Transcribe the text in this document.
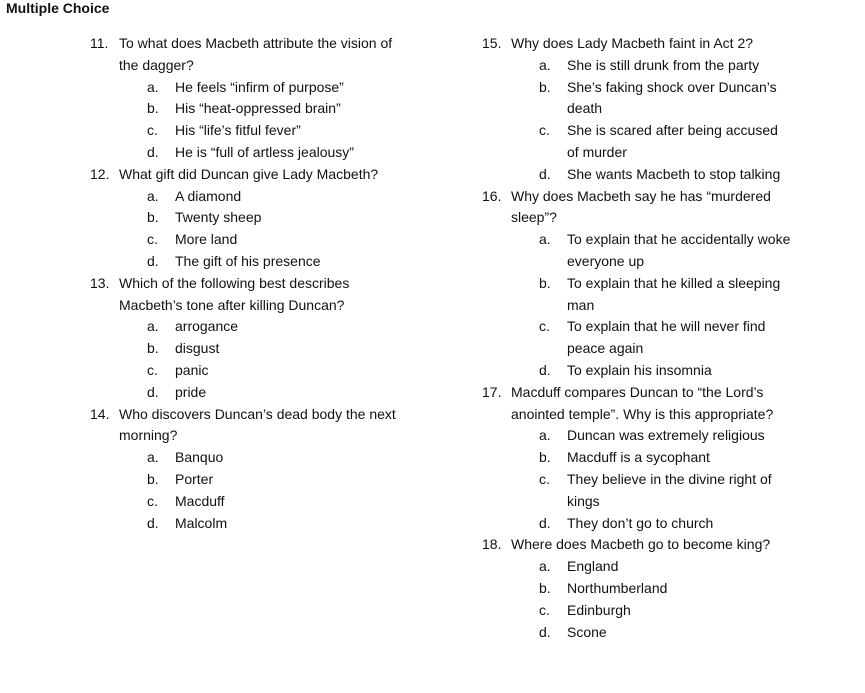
Multiple Choice
11. To what does Macbeth attribute the vision of the dagger?
a.	He feels “infirm of purpose”
b.	His “heat-oppressed brain”
c.	His “life’s fitful fever”
d.	He is “full of artless jealousy”
12. What gift did Duncan give Lady Macbeth?
a.	A diamond
b.	Twenty sheep
c.	More land
d.	The gift of his presence
13. Which of the following best describes Macbeth’s tone after killing Duncan?
a.	arrogance
b.	disgust
c.	panic
d.	pride
14. Who discovers Duncan’s dead body the next morning?
a.	Banquo
b.	Porter
c.	Macduff
d.	Malcolm
15. Why does Lady Macbeth faint in Act 2?
a.	She is still drunk from the party
b.	She’s faking shock over Duncan’s death
c.	She is scared after being accused of murder
d.	She wants Macbeth to stop talking
16. Why does Macbeth say he has “murdered sleep”?
a.	To explain that he accidentally woke everyone up
b.	To explain that he killed a sleeping man
c.	To explain that he will never find peace again
d.	To explain his insomnia
17. Macduff compares Duncan to “the Lord’s anointed temple”. Why is this appropriate?
a.	Duncan was extremely religious
b.	Macduff is a sycophant
c.	They believe in the divine right of kings
d.	They don’t go to church
18. Where does Macbeth go to become king?
a.	England
b.	Northumberland
c.	Edinburgh
d.	Scone
